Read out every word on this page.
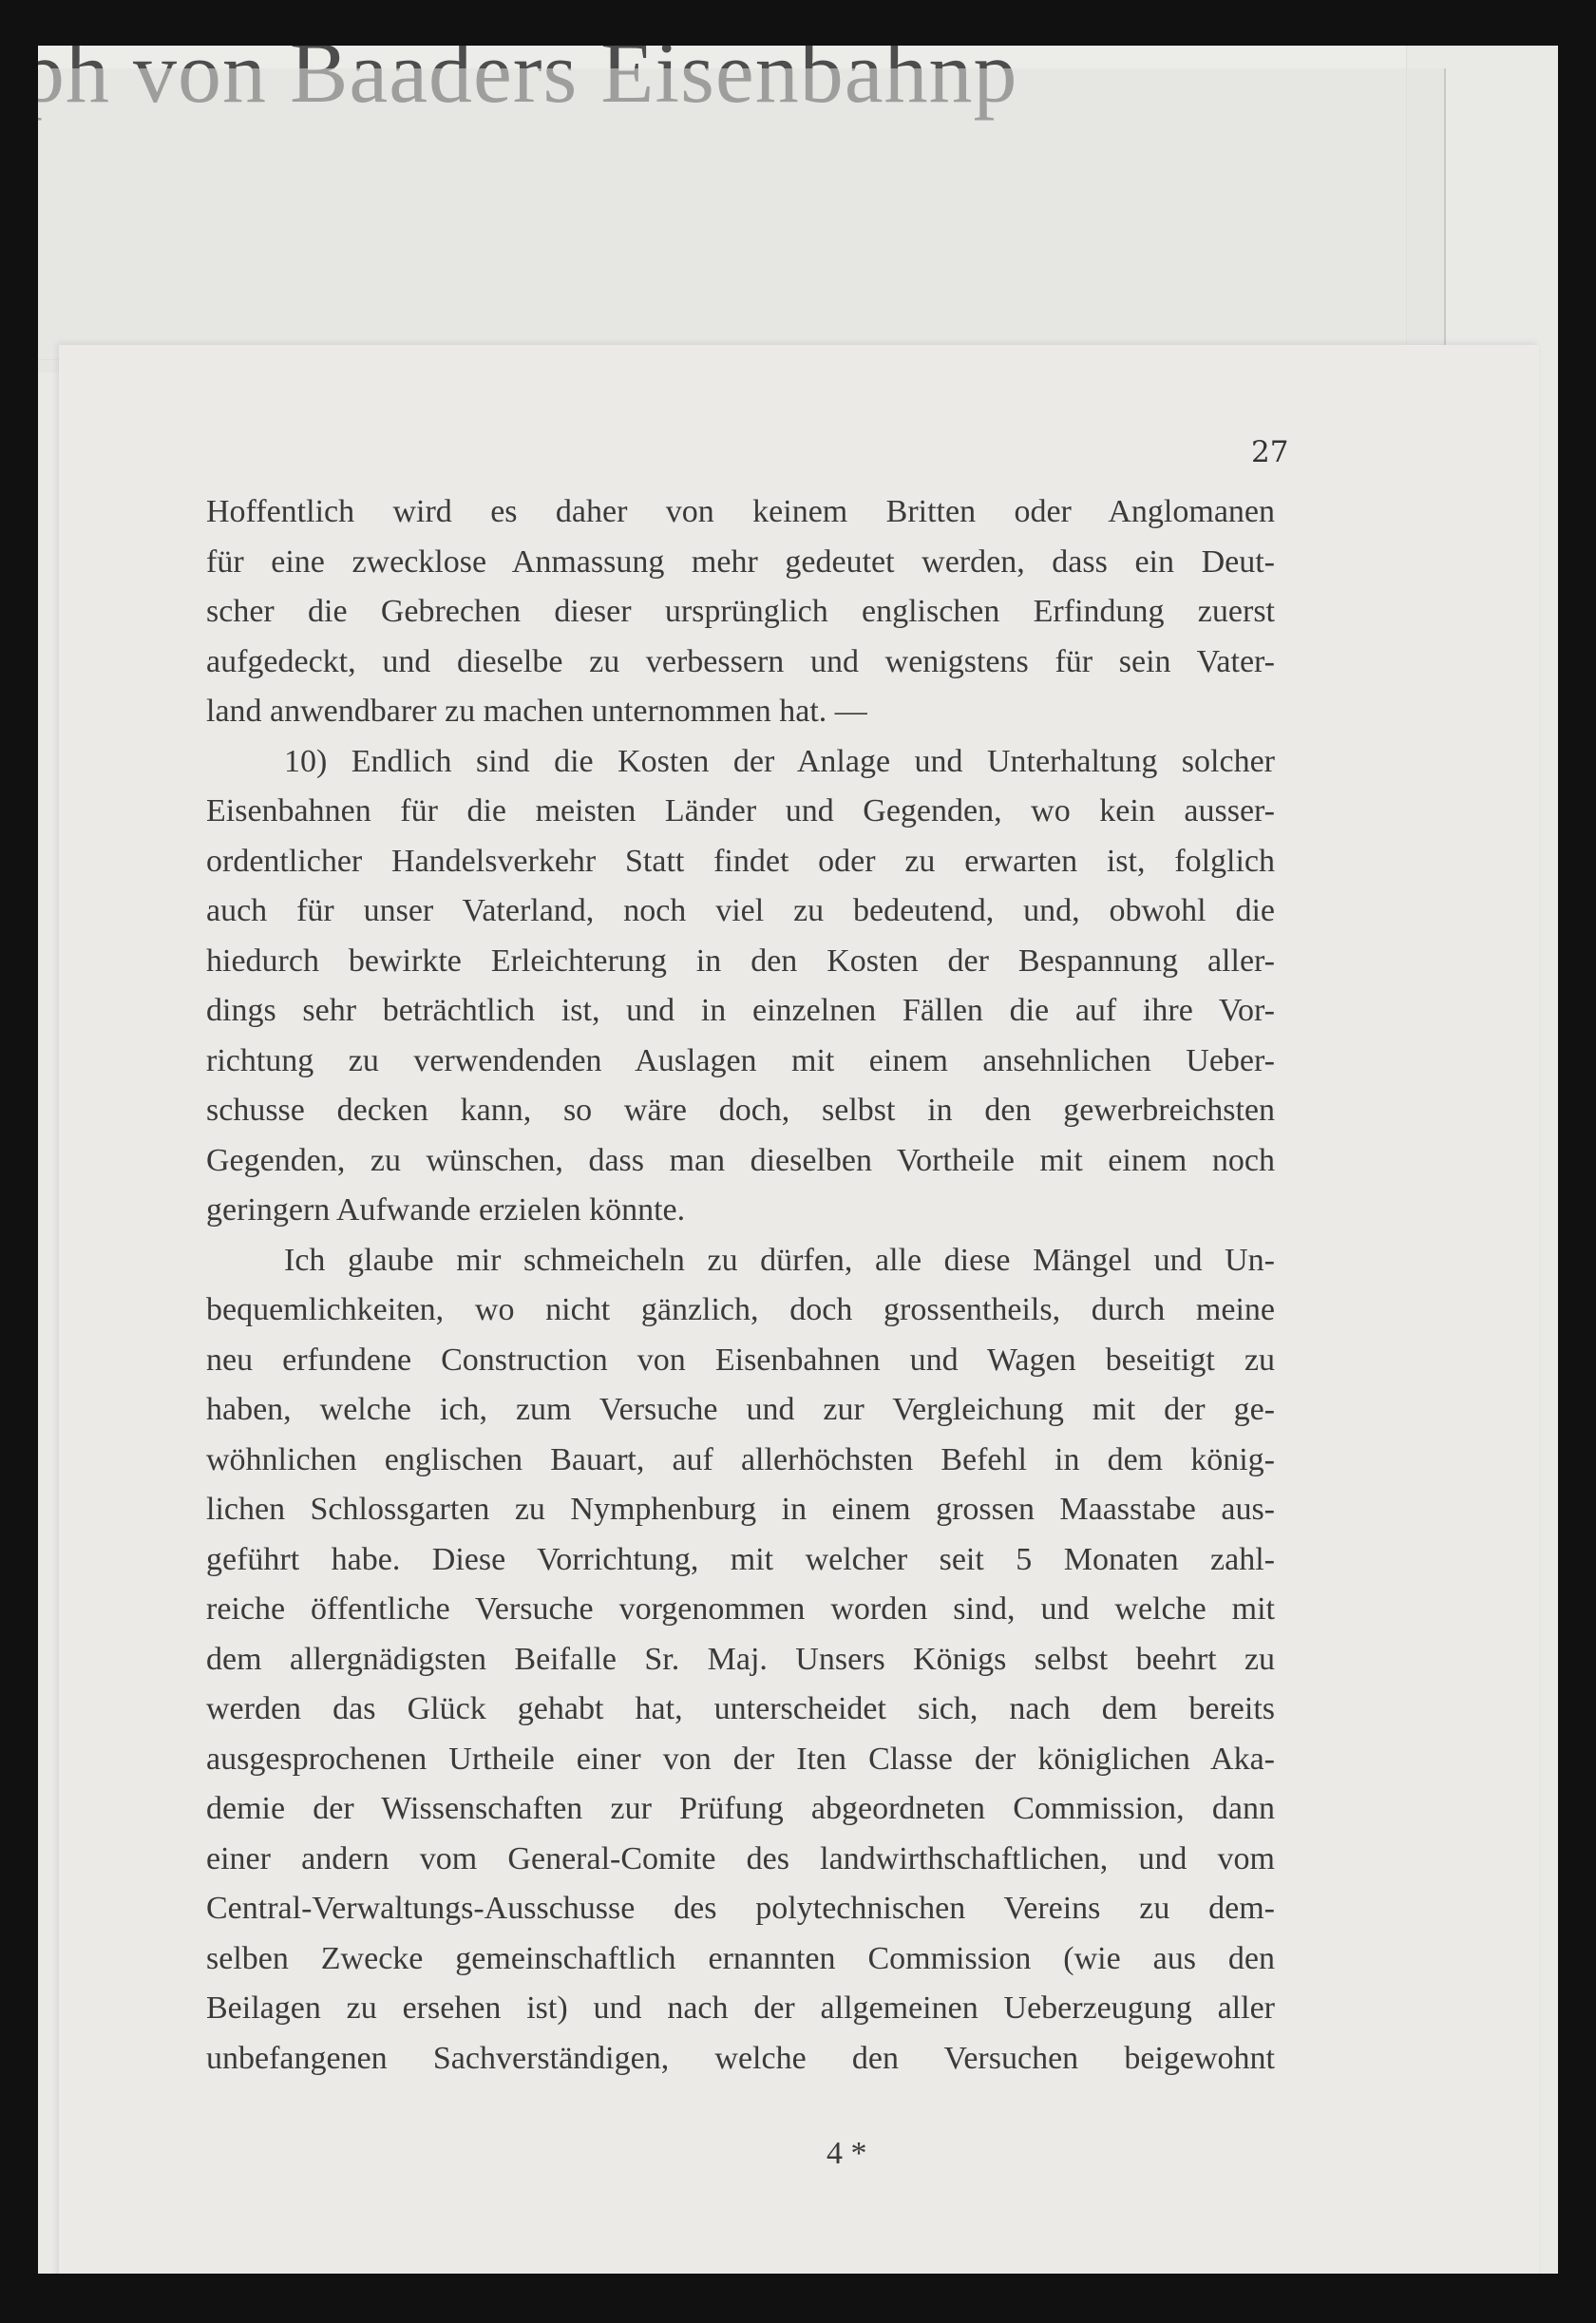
27
Hoffentlich wird es daher von keinem Britten oder Anglomanen
für eine zwecklose Anmassung mehr gedeutet werden, dass ein Deut-
scher die Gebrechen dieser ursprünglich englischen Erfindung zuerst
aufgedeckt, und dieselbe zu verbessern und wenigstens für sein Vater-
land anwendbarer zu machen unternommen hat. —
10) Endlich sind die Kosten der Anlage und Unterhaltung solcher
Eisenbahnen für die meisten Länder und Gegenden, wo kein ausser-
ordentlicher Handelsverkehr Statt findet oder zu erwarten ist, folglich
auch für unser Vaterland, noch viel zu bedeutend, und, obwohl die
hiedurch bewirkte Erleichterung in den Kosten der Bespannung aller-
dings sehr beträchtlich ist, und in einzelnen Fällen die auf ihre Vor-
richtung zu verwendenden Auslagen mit einem ansehnlichen Ueber-
schusse decken kann, so wäre doch, selbst in den gewerbreichsten
Gegenden, zu wünschen, dass man dieselben Vortheile mit einem noch
geringern Aufwande erzielen könnte.
Ich glaube mir schmeicheln zu dürfen, alle diese Mängel und Un-
bequemlichkeiten, wo nicht gänzlich, doch grossentheils, durch meine
neu erfundene Construction von Eisenbahnen und Wagen beseitigt zu
haben, welche ich, zum Versuche und zur Vergleichung mit der ge-
wöhnlichen englischen Bauart, auf allerhöchsten Befehl in dem könig-
lichen Schlossgarten zu Nymphenburg in einem grossen Maasstabe aus-
geführt habe. Diese Vorrichtung, mit welcher seit 5 Monaten zahl-
reiche öffentliche Versuche vorgenommen worden sind, und welche mit
dem allergnädigsten Beifalle Sr. Maj. Unsers Königs selbst beehrt zu
werden das Glück gehabt hat, unterscheidet sich, nach dem bereits
ausgesprochenen Urtheile einer von der Iten Classe der königlichen Aka-
demie der Wissenschaften zur Prüfung abgeordneten Commission, dann
einer andern vom General-Comite des landwirthschaftlichen, und vom
Central-Verwaltungs-Ausschusse des polytechnischen Vereins zu dem-
selben Zwecke gemeinschaftlich ernannten Commission (wie aus den
Beilagen zu ersehen ist) und nach der allgemeinen Ueberzeugung aller
unbefangenen Sachverständigen, welche den Versuchen beigewohnt
4 *
